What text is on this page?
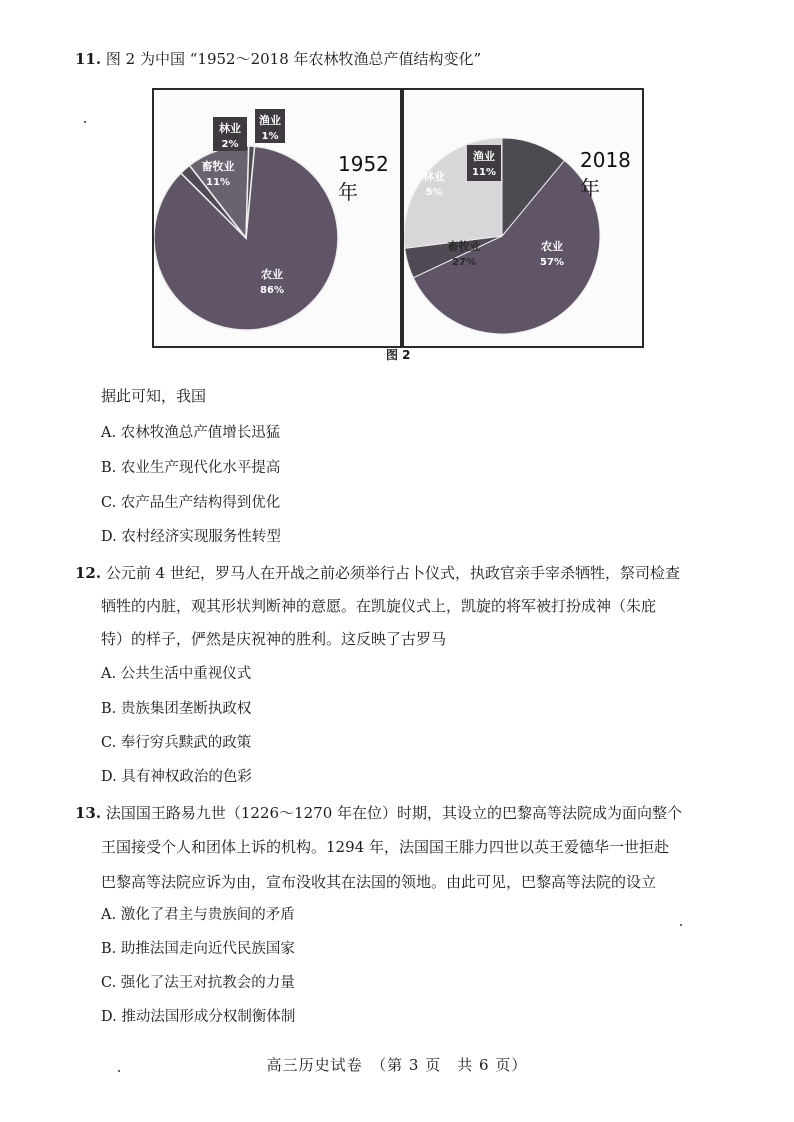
11. 图 2 为中国 “1952～2018 年农林牧渔总产值结构变化”
农业
86%
林业
2%
畜牧业
11%
渔业
1%
1952年
农业
57%
林业
5%
畜牧业
27%
渔业
11%
2018年
图 2
据此可知，我国
A. 农林牧渔总产值增长迅猛
B. 农业生产现代化水平提高
C. 农产品生产结构得到优化
D. 农村经济实现服务性转型
12. 公元前 4 世纪，罗马人在开战之前必须举行占卜仪式，执政官亲手宰杀牺牲，祭司检查
牺牲的内脏，观其形状判断神的意愿。在凯旋仪式上，凯旋的将军被打扮成神（朱庇
特）的样子，俨然是庆祝神的胜利。这反映了古罗马
A. 公共生活中重视仪式
B. 贵族集团垄断执政权
C. 奉行穷兵黩武的政策
D. 具有神权政治的色彩
13. 法国国王路易九世（1226～1270 年在位）时期，其设立的巴黎高等法院成为面向整个
王国接受个人和团体上诉的机构。1294 年，法国国王腓力四世以英王爱德华一世拒赴
巴黎高等法院应诉为由，宣布没收其在法国的领地。由此可见，巴黎高等法院的设立
A. 激化了君主与贵族间的矛盾
B. 助推法国走向近代民族国家
C. 强化了法王对抗教会的力量
D. 推动法国形成分权制衡体制
高三历史试卷　（第 3 页　共 6 页）
